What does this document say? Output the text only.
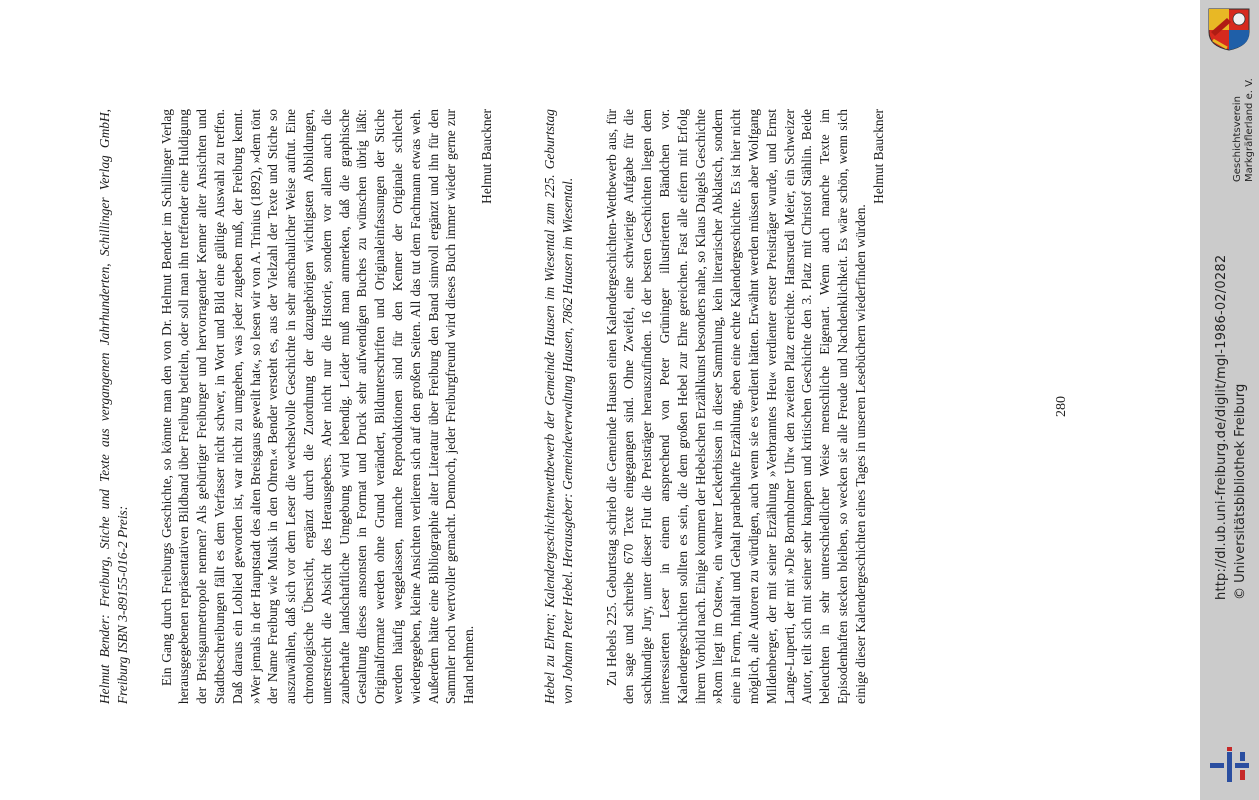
Helmut Bender: Freiburg, Stiche und Texte aus vergangenen Jahrhunderten, Schillinger Verlag GmbH, Freiburg ISBN 3-89155-016-2 Preis: Ein Gang durch Freiburgs Geschichte, so könnte man den von Dr. Helmut Bender im Schillinger Verlag herausgegebenen repräsentativen Bildband über Freiburg betiteln, oder soll man ihn treffender eine Huldigung der Breisgaumetropole nennen? Als gebürtiger Freiburger und hervorragender Kenner alter Ansichten und Stadtbeschreibungen fällt es dem Verfasser nicht schwer, in Wort und Bild eine gültige Auswahl zu treffen. Daß daraus ein Loblied geworden ist, war nicht zu umgehen, was jeder zugeben muß, der Freiburg kennt. »Wer jemals in der Hauptstadt des alten Breisgaus geweilt hat«, so lesen wir von A. Trinius (1892), »dem tönt der Name Freiburg wie Musik in den Ohren.« Bender versteht es, aus der Vielzahl der Texte und Stiche so auszuwählen, daß sich vor dem Leser die wechselvolle Geschichte in sehr anschaulicher Weise auftut. Eine chronologische Übersicht, ergänzt durch die Zuordnung der dazugehörigen wichtigsten Abbildungen, unterstreicht die Absicht des Herausgebers. Aber nicht nur die Historie, sondern vor allem auch die zauberhafte landschaftliche Umgebung wird lebendig. Leider muß man anmerken, daß die graphische Gestaltung dieses ansonsten in Format und Druck sehr aufwendigen Buches zu wünschen übrig läßt: Originalformate werden ohne Grund verändert, Bildunterschriften und Originaleinfassungen der Stiche werden häufig weggelassen, manche Reproduktionen sind für den Kenner der Originale schlecht wiedergegeben, kleine Ansichten verlieren sich auf den großen Seiten. All das tut dem Fachmann etwas weh. Außerdem hätte eine Bibliographie alter Literatur über Freiburg den Band sinnvoll ergänzt und ihn für den Sammler noch wertvoller gemacht. Dennoch, jeder Freiburgfreund wird dieses Buch immer wieder gerne zur Hand nehmen.

Helmut Bauckner	Hebel zu Ehren; Kalendergeschichtenwettbewerb der Gemeinde Hausen im Wiesental zum 225. Geburtstag von Johann Peter Hebel. Herausgeber: Gemeindeverwaltung Hausen, 7862 Hausen im Wiesental. Zu Hebels 225. Geburtstag schrieb die Gemeinde Hausen einen Kalendergeschichten-Wettbewerb aus, für den sage und schreibe 670 Texte eingegangen sind. Ohne Zweifel, eine schwierige Aufgabe für die sachkundige Jury, unter dieser Flut die Preisträger herauszufinden. 16 der besten Geschichten liegen dem interessierten Leser in einem ansprechend von Peter Grüninger illustrierten Bändchen vor. Kalendergeschichten sollten es sein, die dem großen Hebel zur Ehre gereichen. Fast alle eifern mit Erfolg ihrem Vorbild nach. Einige kommen der Hebelschen Erzählkunst besonders nahe, so Klaus Daigels Geschichte »Rom liegt im Osten«, ein wahrer Leckerbissen in dieser Sammlung, kein literarischer Abklatsch, sondern eine in Form, Inhalt und Gehalt parabelhafte Erzählung, eben eine echte Kalendergeschichte. Es ist hier nicht möglich, alle Autoren zu würdigen, auch wenn sie es verdient hätten. Erwähnt werden müssen aber Wolfgang Mildenberger, der mit seiner Erzählung »Verbranntes Heu« verdienter erster Preisträger wurde, und Ernst Lange-Luperti, der mit »Die Bornholmer Uhr« den zweiten Platz erreichte. Hansruedi Meier, ein Schweizer Autor, teilt sich mit seiner sehr knappen und kritischen Geschichte den 3. Platz mit Christof Stählin. Beide beleuchten in sehr unterschiedlicher Weise menschliche Eigenart. Wenn auch manche Texte im Episodenhaften stecken bleiben, so wecken sie alle Freude und Nachdenklichkeit. Es wäre schön, wenn sich einige dieser Kalendergeschichten eines Tages in unseren Lesebüchern wiederfinden würden.

Helmut Bauckner

280	http://dl.ub.uni-freiburg.de/diglit/mgl-1986-02/0282 © Universitätsbibliothek Freiburg
Geschichtsverein Markgräflerland e. V.
